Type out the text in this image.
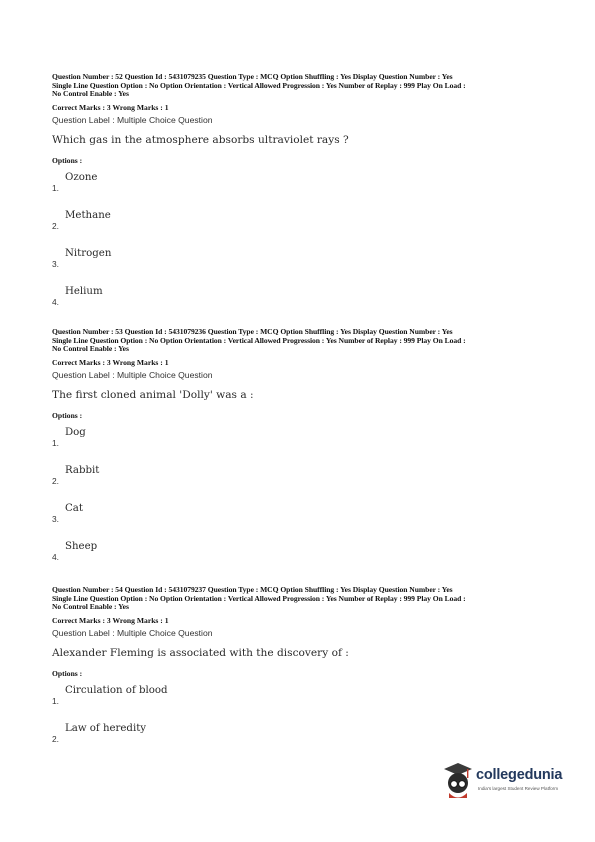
Question Number : 52 Question Id : 5431079235 Question Type : MCQ Option Shuffling : Yes Display Question Number : Yes
Single Line Question Option : No Option Orientation : Vertical Allowed Progression : Yes Number of Replay : 999 Play On Load :
No Control Enable : Yes
Correct Marks : 3 Wrong Marks : 1
Question Label : Multiple Choice Question
Which gas in the atmosphere absorbs ultraviolet rays ?
Options :
1.
Ozone
2.
Methane
3.
Nitrogen
4.
Helium
Question Number : 53 Question Id : 5431079236 Question Type : MCQ Option Shuffling : Yes Display Question Number : Yes
Single Line Question Option : No Option Orientation : Vertical Allowed Progression : Yes Number of Replay : 999 Play On Load :
No Control Enable : Yes
Correct Marks : 3 Wrong Marks : 1
Question Label : Multiple Choice Question
The first cloned animal 'Dolly' was a :
Options :
1.
Dog
2.
Rabbit
3.
Cat
4.
Sheep
Question Number : 54 Question Id : 5431079237 Question Type : MCQ Option Shuffling : Yes Display Question Number : Yes
Single Line Question Option : No Option Orientation : Vertical Allowed Progression : Yes Number of Replay : 999 Play On Load :
No Control Enable : Yes
Correct Marks : 3 Wrong Marks : 1
Question Label : Multiple Choice Question
Alexander Fleming is associated with the discovery of :
Options :
1.
Circulation of blood
2.
Law of heredity
collegedunia
India's largest Student Review Platform
